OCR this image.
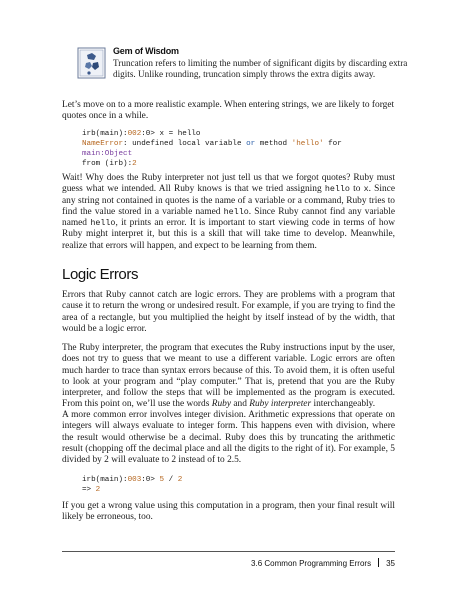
Gem of Wisdom
Truncation refers to limiting the number of significant digits by discarding extra digits. Unlike rounding, truncation simply throws the extra digits away.
Let’s move on to a more realistic example. When entering strings, we are likely to forget quotes once in a while.
irb(main):002:0> x = hello
NameError: undefined local variable or method 'hello' for
main:Object
from (irb):2
Wait! Why does the Ruby interpreter not just tell us that we forgot quotes? Ruby must guess what we intended. All Ruby knows is that we tried assigning hello to x. Since any string not contained in quotes is the name of a variable or a command, Ruby tries to find the value stored in a variable named hello. Since Ruby cannot find any variable named hello, it prints an error. It is important to start viewing code in terms of how Ruby might interpret it, but this is a skill that will take time to develop. Meanwhile, realize that errors will happen, and expect to be learning from them.
Logic Errors
Errors that Ruby cannot catch are logic errors. They are problems with a program that cause it to return the wrong or undesired result. For example, if you are trying to find the area of a rectangle, but you multiplied the height by itself instead of by the width, that would be a logic error.
The Ruby interpreter, the program that executes the Ruby instructions input by the user, does not try to guess that we meant to use a different variable. Logic errors are often much harder to trace than syntax errors because of this. To avoid them, it is often useful to look at your program and “play computer.” That is, pretend that you are the Ruby interpreter, and follow the steps that will be implemented as the program is executed. From this point on, we’ll use the words Ruby and Ruby interpreter interchangeably.
A more common error involves integer division. Arithmetic expressions that operate on integers will always evaluate to integer form. This happens even with division, where the result would otherwise be a decimal. Ruby does this by truncating the arithmetic result (chopping off the decimal place and all the digits to the right of it). For example, 5 divided by 2 will evaluate to 2 instead of to 2.5.
irb(main):003:0> 5 / 2
=> 2
If you get a wrong value using this computation in a program, then your final result will likely be erroneous, too.
3.6 Common Programming Errors 35
